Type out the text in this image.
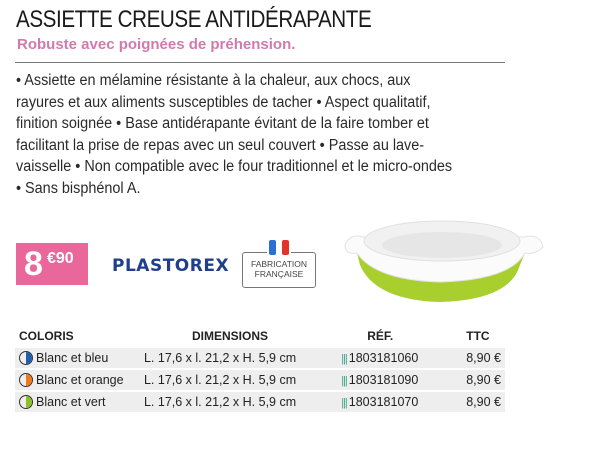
ASSIETTE CREUSE ANTIDÉRAPANTE
Robuste avec poignées de préhension.
• Assiette en mélamine résistante à la chaleur, aux chocs, aux
rayures et aux aliments susceptibles de tacher • Aspect qualitatif,
finition soignée • Base antidérapante évitant de la faire tomber et
facilitant la prise de repas avec un seul couvert • Passe au lave-
vaisselle • Non compatible avec le four traditionnel et le micro-ondes
• Sans bisphénol A.
8 €90 PLASTOREX	FABRICATION
FRANÇAISE
COLORIS	DIMENSIONS	RÉF.	TTC

Blanc et bleu	L. 17,6 x l. 21,2 x H. 5,9 cm	||| 1803181060	8,90 €

Blanc et orange	L. 17,6 x l. 21,2 x H. 5,9 cm	||| 1803181090	8,90 €

Blanc et vert	L. 17,6 x l. 21,2 x H. 5,9 cm	||| 1803181070	8,90 €
